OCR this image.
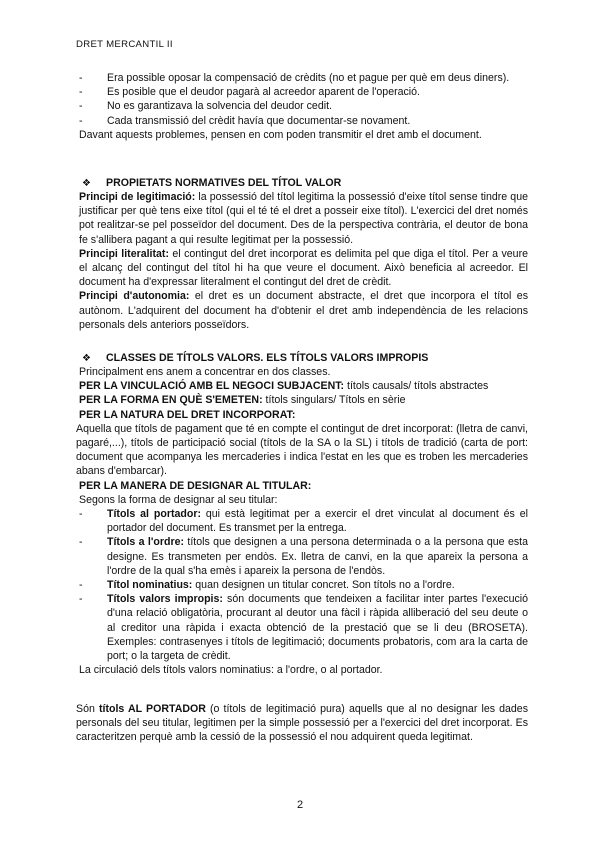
DRET MERCANTIL II
- Era possible oposar la compensació de crèdits (no et pague per què em deus diners).
- Es posible que el deudor pagarà al acreedor aparent de l'operació.
- No es garantizava la solvencia del deudor cedit.
- Cada transmissió del crèdit havía que documentar-se novament.

Davant aquests problemes, pensen en com poden transmitir el dret amb el document.

❖ PROPIETATS NORMATIVES DEL TÍTOL VALOR

Principi de legitimació: la possessió del títol legitima la possessió d'eixe títol sense tindre que justificar per què tens eixe títol (qui el té té el dret a posseir eixe títol). L'exercici del dret només pot realitzar-se pel posseïdor del document. Des de la perspectiva contrària, el deutor de bona fe s'allibera pagant a qui resulte legitimat per la possessió.

Principi literalitat: el contingut del dret incorporat es delimita pel que diga el títol. Per a veure el alcanç del contingut del títol hi ha que veure el document. Això beneficia al acreedor. El document ha d'expressar literalment el contingut del dret de crèdit.

Principi d'autonomia: el dret es un document abstracte, el dret que incorpora el títol es autònom. L'adquirent del document ha d'obtenir el dret amb independència de les relacions personals dels anteriors posseïdors.

❖ CLASSES DE TÍTOLS VALORS. ELS TÍTOLS VALORS IMPROPIS

Principalment ens anem a concentrar en dos classes.

PER LA VINCULACIÓ AMB EL NEGOCI SUBJACENT: títols causals/ títols abstractes

PER LA FORMA EN QUÈ S'EMETEN: títols singulars/ Títols en sèrie

PER LA NATURA DEL DRET INCORPORAT:

Aquella que títols de pagament que té en compte el contingut de dret incorporat: (lletra de canvi, pagaré,...), títols de participació social (títols de la SA o la SL) i títols de tradició (carta de port: document que acompanya les mercaderies i indica l'estat en les que es troben les mercaderies abans d'embarcar).

PER LA MANERA DE DESIGNAR AL TITULAR:

Segons la forma de designar al seu titular:

- Títols al portador: qui està legitimat per a exercir el dret vinculat al document és el portador del document. Es transmet per la entrega.
- Títols a l'ordre: títols que designen a una persona determinada o a la persona que esta designe. Es transmeten per endòs. Ex. lletra de canvi, en la que apareix la persona a l'ordre de la qual s'ha emès i apareix la persona de l'endòs.
- Títol nominatius: quan designen un titular concret. Son títols no a l'ordre.
- Títols valors impropis: són documents que tendeixen a facilitar inter partes l'execució d'una relació obligatòria, procurant al deutor una fàcil i ràpida alliberació del seu deute o al creditor una ràpida i exacta obtenció de la prestació que se li deu (BROSETA). Exemples: contrasenyes i títols de legitimació; documents probatoris, com ara la carta de port; o la targeta de crèdit.

La circulació dels títols valors nominatius: a l'ordre, o al portador.

Són títols AL PORTADOR (o títols de legitimació pura) aquells que al no designar les dades personals del seu titular, legitimen per la simple possessió per a l'exercici del dret incorporat. Es caracteritzen perquè amb la cessió de la possessió el nou adquirent queda legitimat.

2
